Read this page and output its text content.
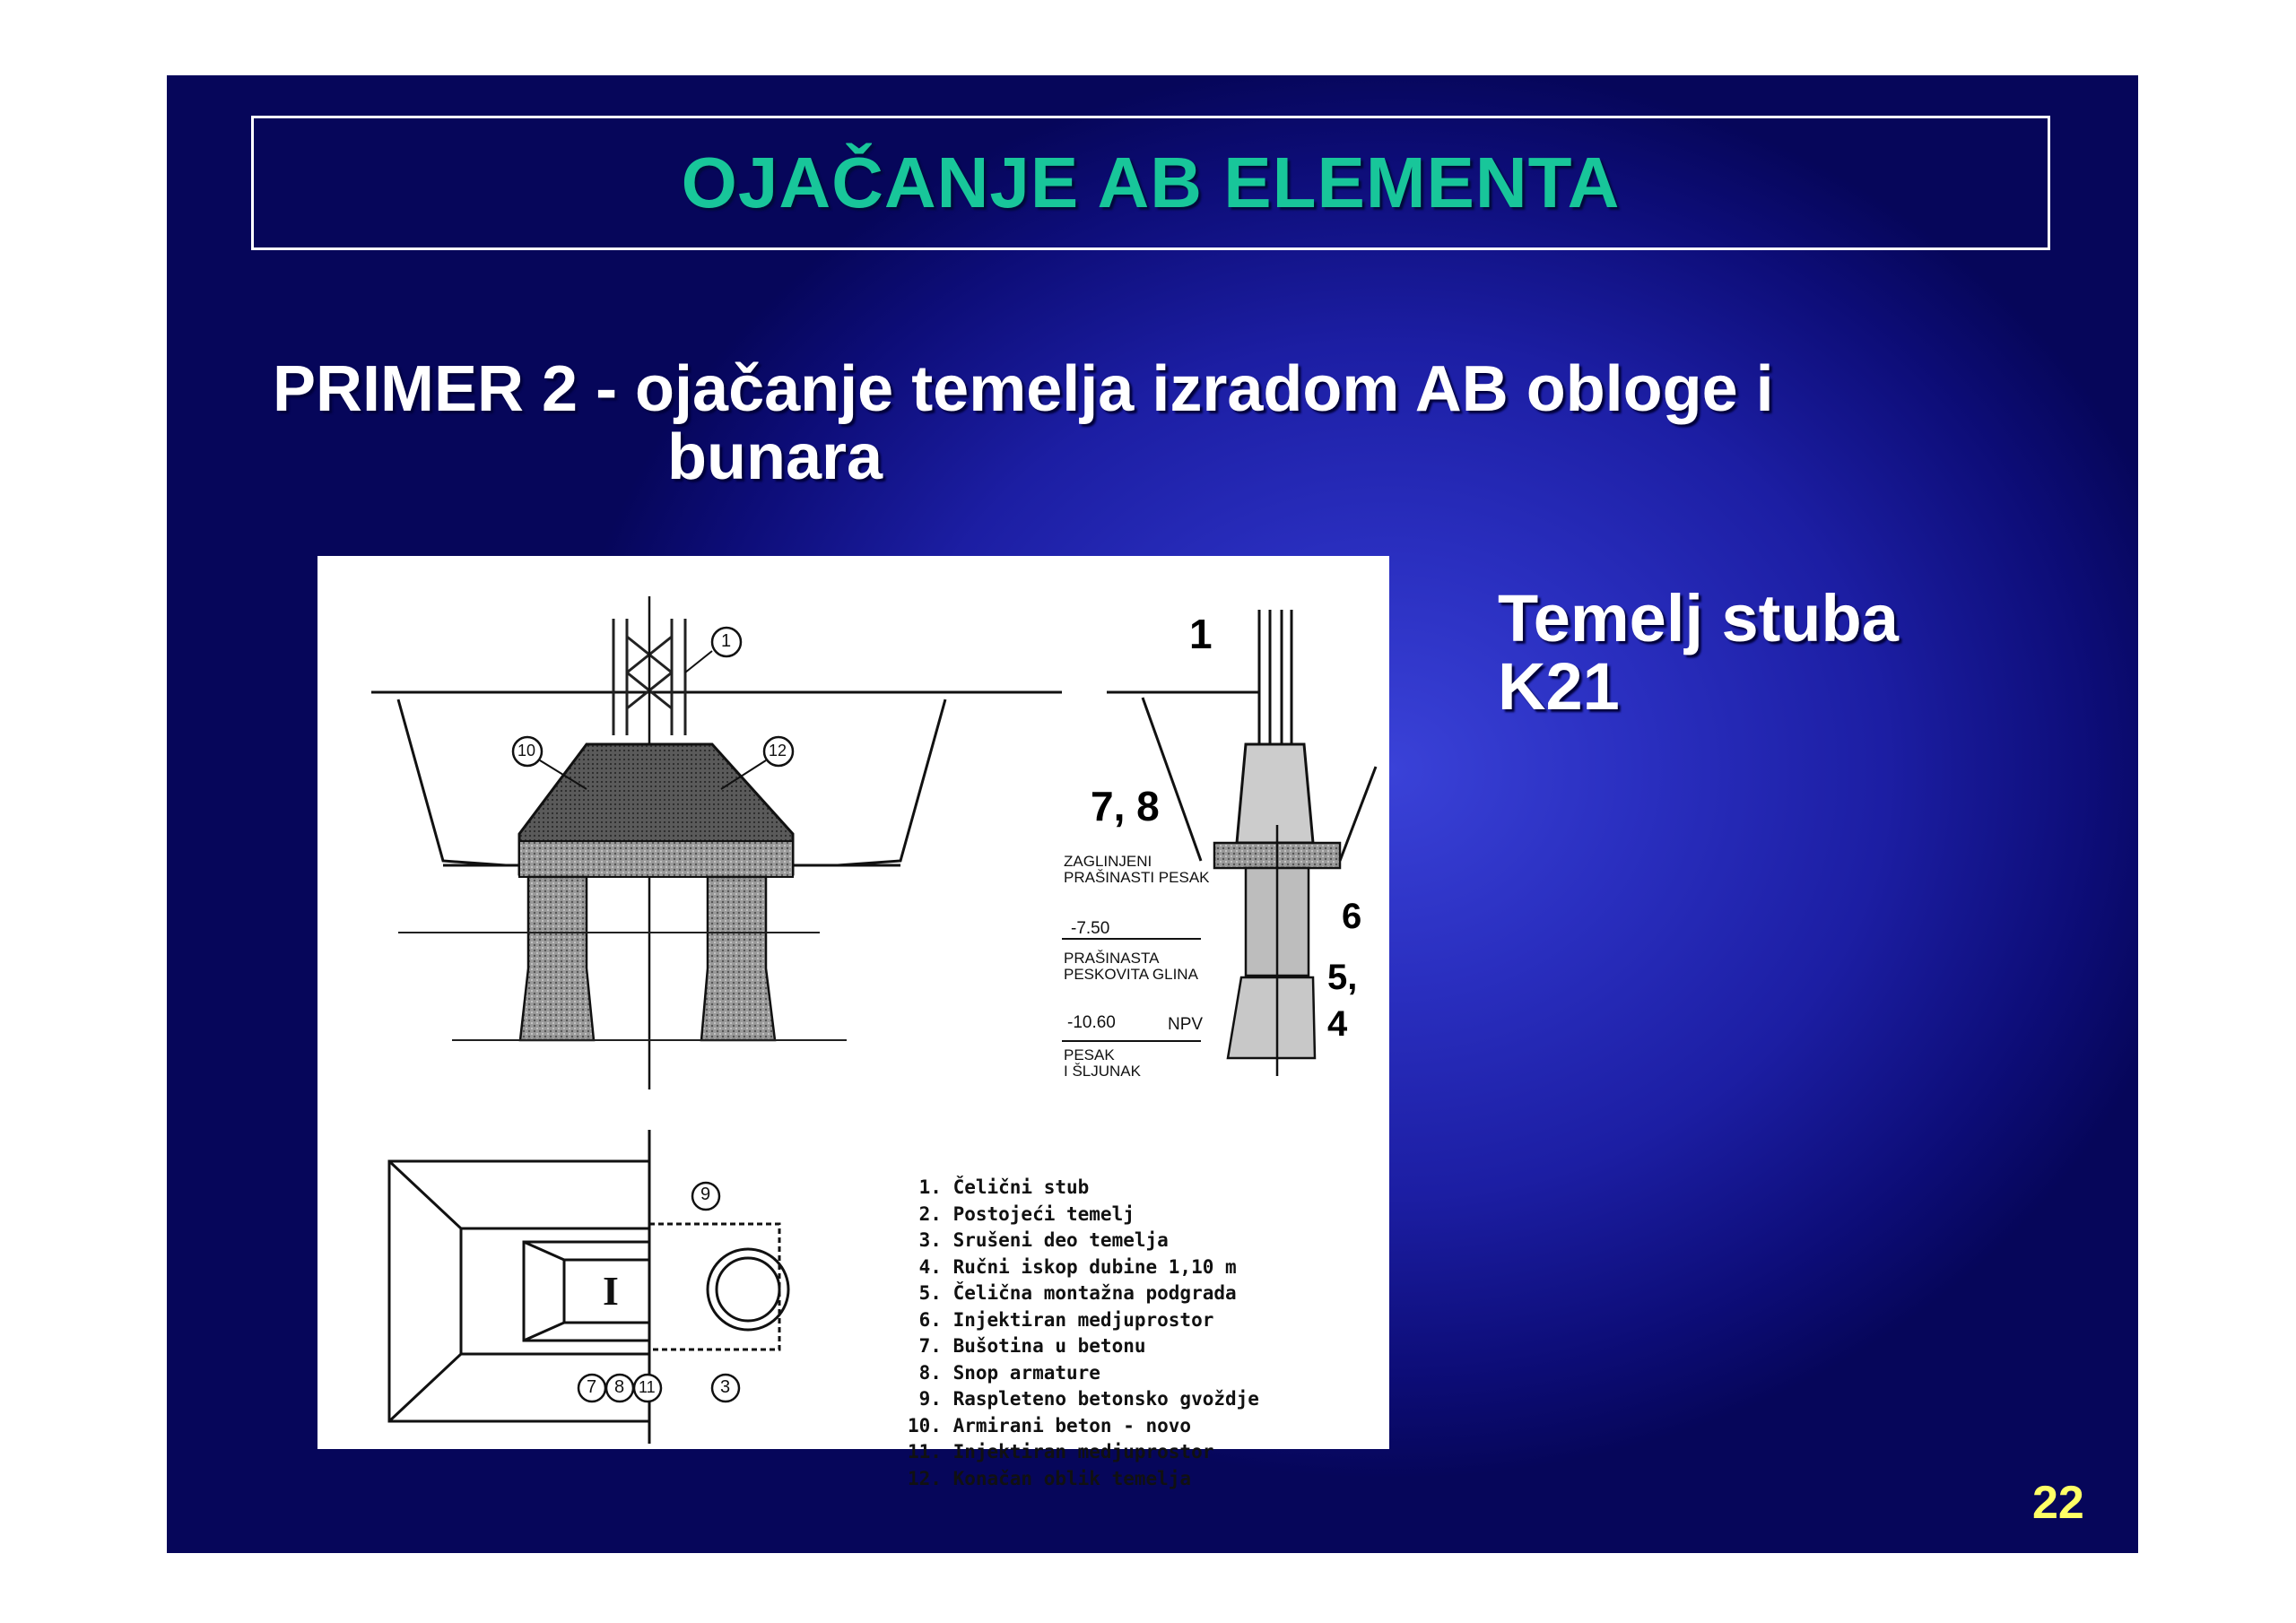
OJAČANJE AB ELEMENTA
PRIMER 2 - ojačanje temelja izradom AB obloge i
bunara
I
1
10	12
9
7 8 11	3
ZAGLINJENI
PRAŠINASTI PESAK
-7.50
PRAŠINASTA
PESKOVITA GLINA
-10.60	NPV
PESAK
I ŠLJUNAK
1
7, 8
6
5,
4
1. Čelični stub
2. Postojeći temelj
3. Srušeni deo temelja
4. Ručni iskop dubine 1,10 m
5. Čelična montažna podgrada
6. Injektiran medjuprostor
7. Bušotina u betonu
8. Snop armature
9. Raspleteno betonsko gvoždje
10. Armirani beton - novo
11. Injektiran medjuprostor
12. Konačan oblik temelja
Temelj stuba
K21
22
